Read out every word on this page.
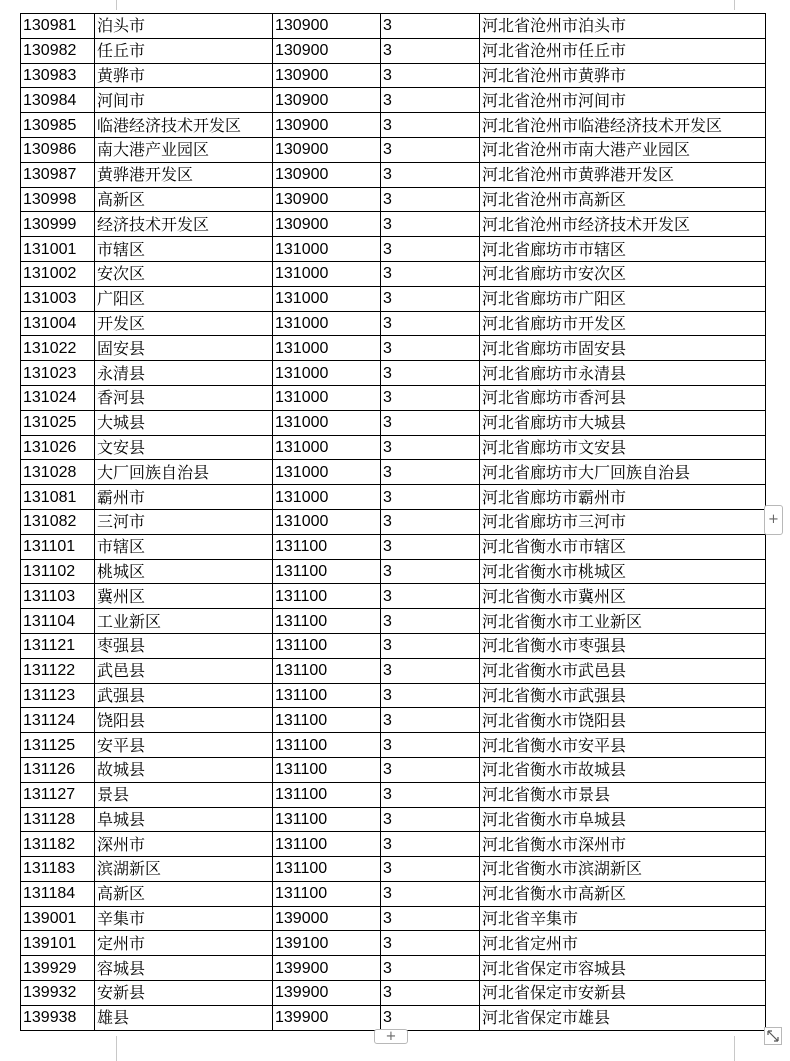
130981	泊头市	130900	3	河北省沧州市泊头市
130982	任丘市	130900	3	河北省沧州市任丘市
130983	黄骅市	130900	3	河北省沧州市黄骅市
130984	河间市	130900	3	河北省沧州市河间市
130985	临港经济技术开发区	130900	3	河北省沧州市临港经济技术开发区
130986	南大港产业园区	130900	3	河北省沧州市南大港产业园区
130987	黄骅港开发区	130900	3	河北省沧州市黄骅港开发区
130998	高新区	130900	3	河北省沧州市高新区
130999	经济技术开发区	130900	3	河北省沧州市经济技术开发区
131001	市辖区	131000	3	河北省廊坊市市辖区
131002	安次区	131000	3	河北省廊坊市安次区
131003	广阳区	131000	3	河北省廊坊市广阳区
131004	开发区	131000	3	河北省廊坊市开发区
131022	固安县	131000	3	河北省廊坊市固安县
131023	永清县	131000	3	河北省廊坊市永清县
131024	香河县	131000	3	河北省廊坊市香河县
131025	大城县	131000	3	河北省廊坊市大城县
131026	文安县	131000	3	河北省廊坊市文安县
131028	大厂回族自治县	131000	3	河北省廊坊市大厂回族自治县
131081	霸州市	131000	3	河北省廊坊市霸州市
131082	三河市	131000	3	河北省廊坊市三河市
131101	市辖区	131100	3	河北省衡水市市辖区
131102	桃城区	131100	3	河北省衡水市桃城区
131103	冀州区	131100	3	河北省衡水市冀州区
131104	工业新区	131100	3	河北省衡水市工业新区
131121	枣强县	131100	3	河北省衡水市枣强县
131122	武邑县	131100	3	河北省衡水市武邑县
131123	武强县	131100	3	河北省衡水市武强县
131124	饶阳县	131100	3	河北省衡水市饶阳县
131125	安平县	131100	3	河北省衡水市安平县
131126	故城县	131100	3	河北省衡水市故城县
131127	景县	131100	3	河北省衡水市景县
131128	阜城县	131100	3	河北省衡水市阜城县
131182	深州市	131100	3	河北省衡水市深州市
131183	滨湖新区	131100	3	河北省衡水市滨湖新区
131184	高新区	131100	3	河北省衡水市高新区
139001	辛集市	139000	3	河北省辛集市
139101	定州市	139100	3	河北省定州市
139929	容城县	139900	3	河北省保定市容城县
139932	安新县	139900	3	河北省保定市安新县
139938	雄县	139900	3	河北省保定市雄县
+
+
